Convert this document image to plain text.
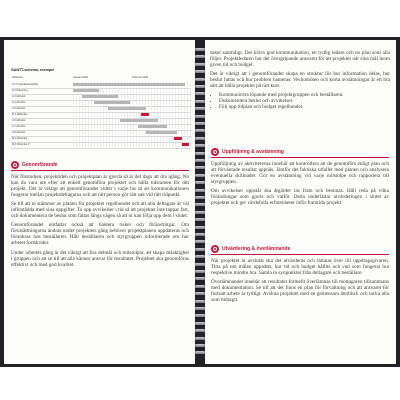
GANTT-schema, exempel
Aktiviteter	Januari 2024	Februari 2024
A 1 Projektledning/Mgt
A 2 Planering
A 3 Aktivitet
A 4 Aktivitet
A 5 Aktivitet
M 1 Milstolpe
A 6 Aktivitet
A 7 Aktivitet
A 8 Aktivitet
M 2 Milstolpe
M 3 Milstolpe 3
Genomförande

När förstudien, projektidén och projektplan är gjorda så är det dags att dra igång. Nu kan du vara ute efter att enkelt genomföra projektet och hålla tidsramen för ditt projekt. Det är viktigt att genomförandet vidtar i varje fas så att kommunikationen fungerar mellan projektdeltagarna och att rätt person gör rätt sak vid rätt tidpunkt.

Se till att ni stämmer av planen för projektet regelbundet och att alla deltagare är väl införstådda med sina uppgifter. Ta upp avvikelser i tid så att projektet inte tappar fart, och dokumentera de beslut som fattas längs vägen så att ni kan följa upp dem i slutet.

Genomförandet omfattar också att hantera risker och förändringar. Om förutsättningarna ändras under projektets gång behöver projektplanen uppdateras och förankras hos beställaren. Håll beställaren och styrgruppen informerade om hur arbetet fortskrider.

Under arbetets gång är det viktigt att fira delmål och milstolpar, att skapa delaktighet i gruppen och att se till att alla känner ansvar för resultatet. Projektet ska genomföras effektivt och med god kvalitet.

saker samtidigt. Det krävs god kommunikation, en tydlig ledare och en plan som alla följer. Projektledaren har det övergripande ansvaret för att projektet når sina mål inom given tid och budget.

Det är viktigt att i genomförandet skapa en struktur för hur information delas, hur beslut fattas och hur problem hanteras. Veckomöten och korta avstämningar är ett bra sätt att hålla projektet på rätt kurs.

• Kommunicera löpande med projektgruppen och beställaren.
• Dokumentera beslut och avvikelser.
• Följ upp tidplan och budget regelbundet.
Uppföljning & avstämning

Uppföljning av aktiviteterna innebär att kontrollera att de genomförs enligt plan och att förväntade resultat uppnås. Jämför det faktiska utfallet med planen och analysera eventuella skillnader. Gör en avstämning vid varje milstolpe och rapportera till styrgruppen.

Om avvikelser uppstår ska åtgärder tas fram och beslutas. Håll reda på vilka förändringar som gjorts och varför. Detta underlättar utvärderingen i slutet av projektet och ger värdefulla erfarenheter inför framtida projekt.

Utvärdering & överlämnande

När projektet är avslutat ska det utvärderas och lämnas över till uppdragsgivaren. Titta på om målen uppnåtts, hur tid och budget hållits och vad som fungerat bra respektive mindre bra. Samla in synpunkter från deltagare och beställare.

Överlämnandet innebär att resultatet formellt överlämnas till mottagaren tillsammans med dokumentation. Se till att det finns en plan för förvaltning och att ansvaret för fortsatt arbete är tydligt. Avsluta projektet med en gemensam återblick och tacka alla som bidragit.
